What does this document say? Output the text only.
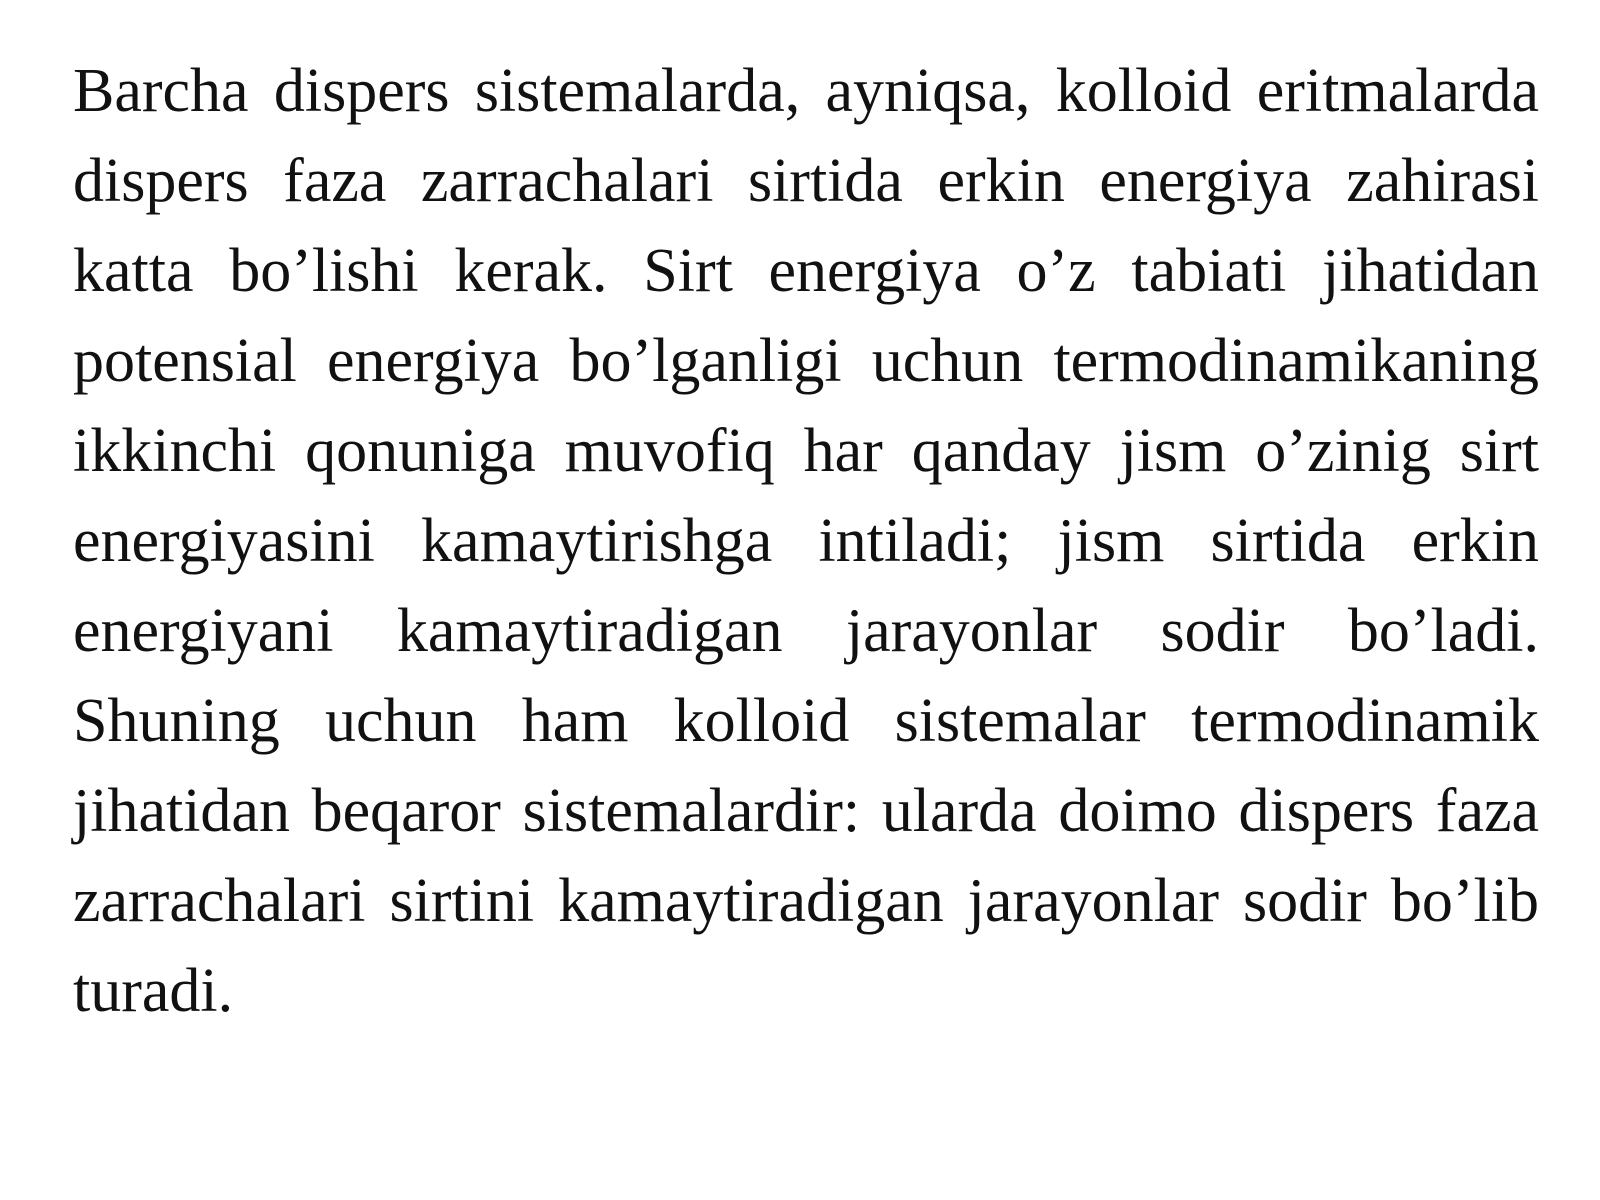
Barcha dispers sistemalarda, ayniqsa, kolloid eritmalarda dispers faza zarrachalari sirtida erkin energiya zahirasi katta bo’lishi kerak. Sirt energiya o’z tabiati jihatidan potensial energiya bo’lganligi uchun termodinamikaning ikkinchi qonuniga muvofiq har qanday jism o’zinig sirt energiyasini kamaytirishga intiladi; jism sirtida erkin energiyani kamaytiradigan jarayonlar sodir bo’ladi. Shuning uchun ham kolloid sistemalar termodinamik jihatidan beqaror sistemalardir: ularda doimo dispers faza zarrachalari sirtini kamaytiradigan jarayonlar sodir bo’lib turadi.
